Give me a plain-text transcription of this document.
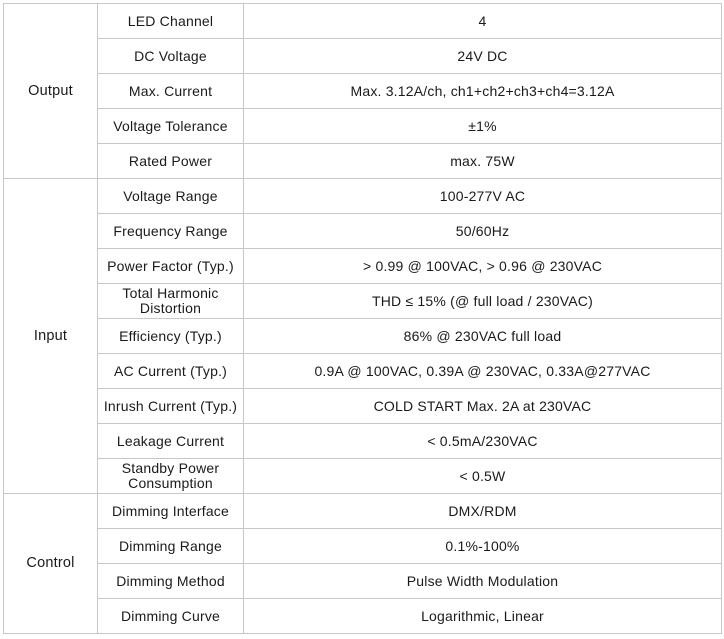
Output	LED Channel	4
	DC Voltage	24V DC
	Max. Current	Max. 3.12A/ch, ch1+ch2+ch3+ch4=3.12A
	Voltage Tolerance	±1%
	Rated Power	max. 75W
Input	Voltage Range	100-277V AC
	Frequency Range	50/60Hz
	Power Factor (Typ.)	> 0.99 @ 100VAC, > 0.96 @ 230VAC
	Total Harmonic Distortion	THD ≤ 15% (@ full load / 230VAC)
	Efficiency (Typ.)	86% @ 230VAC full load
	AC Current (Typ.)	0.9A @ 100VAC, 0.39A @ 230VAC, 0.33A@277VAC
	Inrush Current (Typ.)	COLD START Max. 2A at 230VAC
	Leakage Current	< 0.5mA/230VAC
	Standby Power Consumption	< 0.5W
Control	Dimming Interface	DMX/RDM
	Dimming Range	0.1%-100%
	Dimming Method	Pulse Width Modulation
	Dimming Curve	Logarithmic, Linear
